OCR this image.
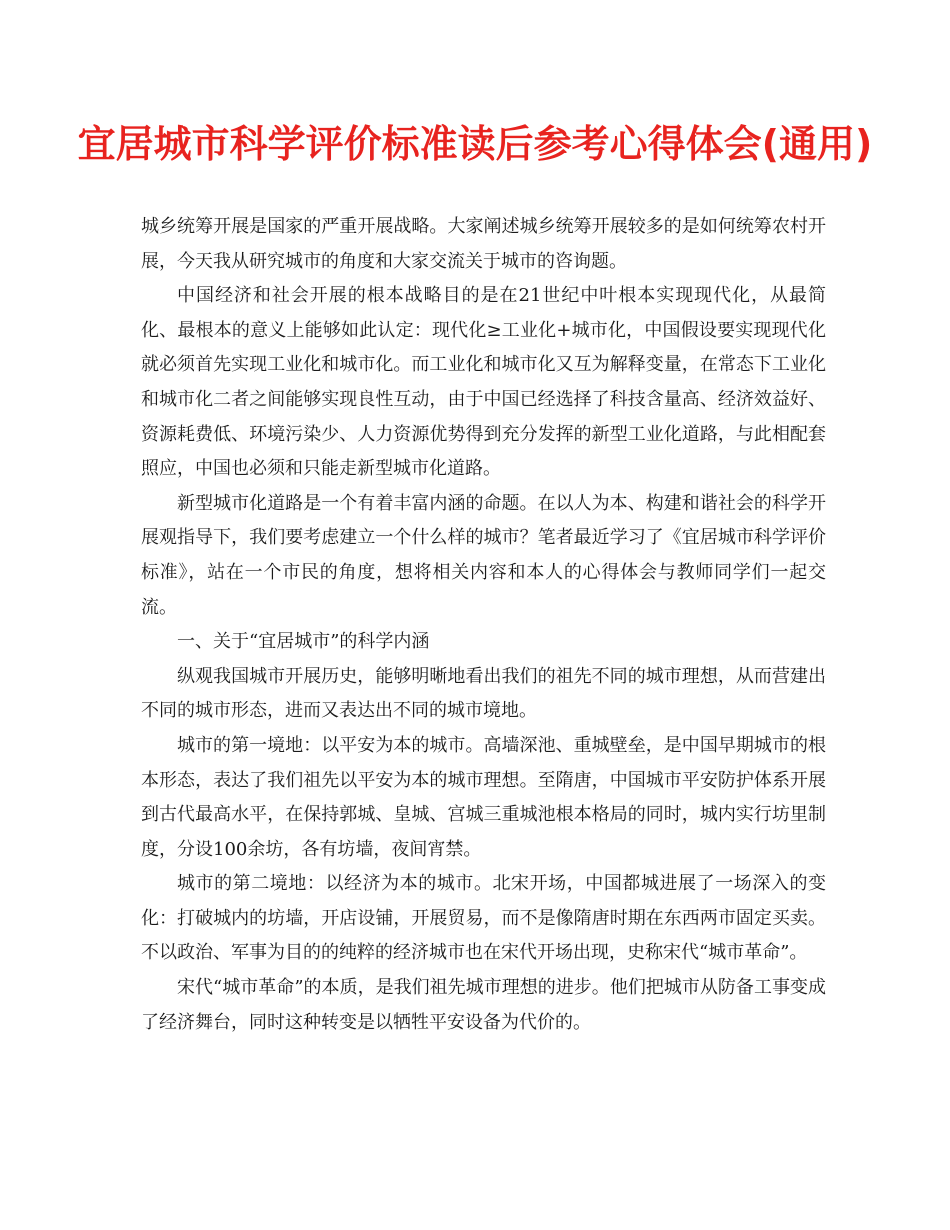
宜居城市科学评价标准读后参考心得体会(通用)

城乡统筹开展是国家的严重开展战略。大家阐述城乡统筹开展较多的是如何统筹农村开展，今天我从研究城市的角度和大家交流关于城市的咨询题。

中国经济和社会开展的根本战略目的是在21世纪中叶根本实现现代化，从最简化、最根本的意义上能够如此认定：现代化≥工业化+城市化，中国假设要实现现代化就必须首先实现工业化和城市化。而工业化和城市化又互为解释变量，在常态下工业化和城市化二者之间能够实现良性互动，由于中国已经选择了科技含量高、经济效益好、资源耗费低、环境污染少、人力资源优势得到充分发挥的新型工业化道路，与此相配套照应，中国也必须和只能走新型城市化道路。

新型城市化道路是一个有着丰富内涵的命题。在以人为本、构建和谐社会的科学开展观指导下，我们要考虑建立一个什么样的城市？笔者最近学习了《宜居城市科学评价标准》，站在一个市民的角度，想将相关内容和本人的心得体会与教师同学们一起交流。

一、关于“宜居城市”的科学内涵

纵观我国城市开展历史，能够明晰地看出我们的祖先不同的城市理想，从而营建出不同的城市形态，进而又表达出不同的城市境地。

城市的第一境地：以平安为本的城市。高墙深池、重城壁垒，是中国早期城市的根本形态，表达了我们祖先以平安为本的城市理想。至隋唐，中国城市平安防护体系开展到古代最高水平，在保持郭城、皇城、宫城三重城池根本格局的同时，城内实行坊里制度，分设100余坊，各有坊墙，夜间宵禁。

城市的第二境地：以经济为本的城市。北宋开场，中国都城进展了一场深入的变化：打破城内的坊墙，开店设铺，开展贸易，而不是像隋唐时期在东西两市固定买卖。不以政治、军事为目的的纯粹的经济城市也在宋代开场出现，史称宋代“城市革命”。

宋代“城市革命”的本质，是我们祖先城市理想的进步。他们把城市从防备工事变成了经济舞台，同时这种转变是以牺牲平安设备为代价的。
